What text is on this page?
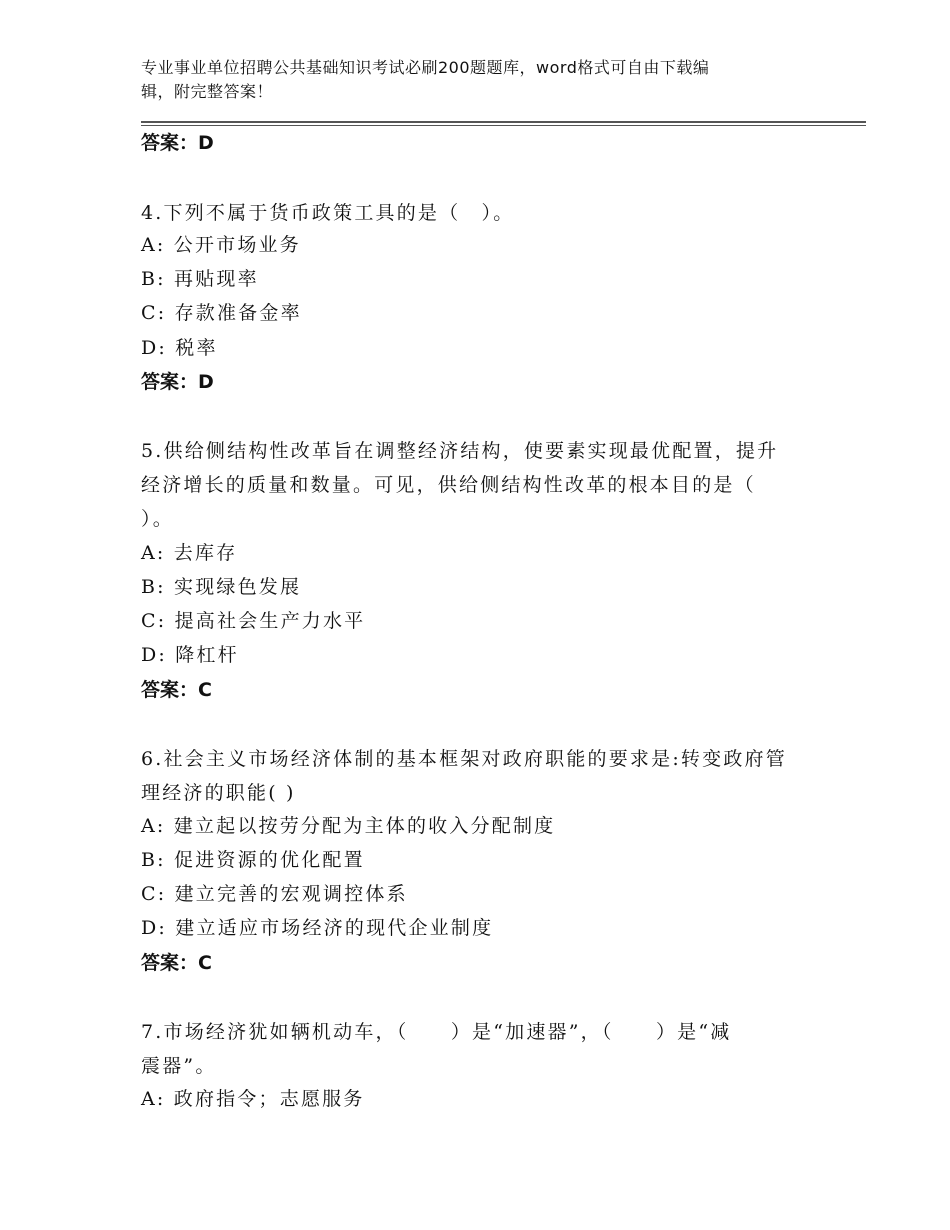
专业事业单位招聘公共基础知识考试必刷200题题库，word格式可自由下载编
辑，附完整答案！
答案：D
4.下列不属于货币政策工具的是（　）。
A: 公开市场业务
B: 再贴现率
C: 存款准备金率
D: 税率
答案：D
5.供给侧结构性改革旨在调整经济结构，使要素实现最优配置，提升
经济增长的质量和数量。可见，供给侧结构性改革的根本目的是（
）。
A: 去库存
B: 实现绿色发展
C: 提高社会生产力水平
D: 降杠杆
答案：C
6.社会主义市场经济体制的基本框架对政府职能的要求是:转变政府管
理经济的职能( )
A: 建立起以按劳分配为主体的收入分配制度
B: 促进资源的优化配置
C: 建立完善的宏观调控体系
D: 建立适应市场经济的现代企业制度
答案：C
7.市场经济犹如辆机动车，（　　）是“加速器”，（　　）是“减
震器”。
A: 政府指令；志愿服务
